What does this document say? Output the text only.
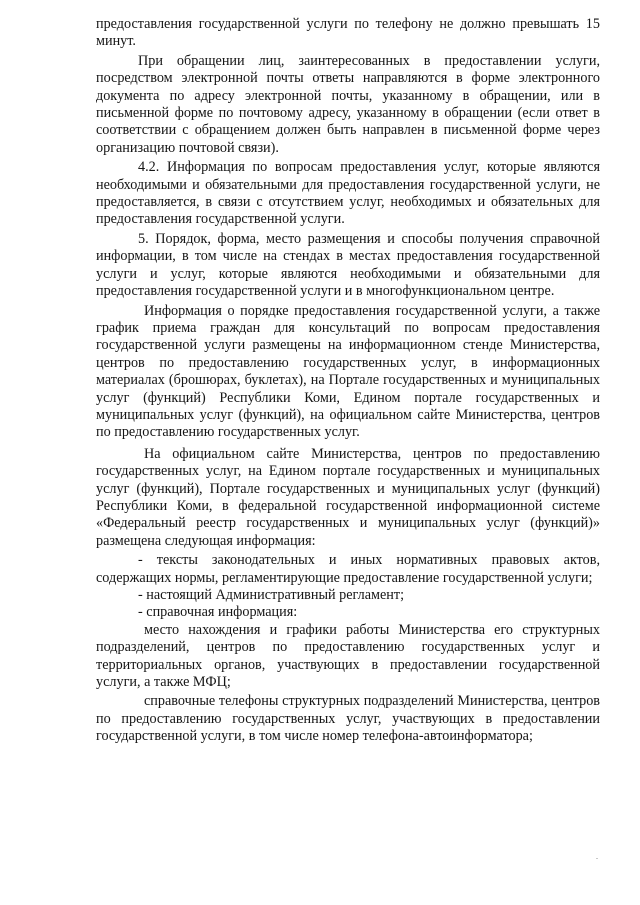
предоставления государственной услуги по телефону не должно превышать 15 минут.

При обращении лиц, заинтересованных в предоставлении услуги, посредством электронной почты ответы направляются в форме электронного документа по адресу электронной почты, указанному в обращении, или в письменной форме по почтовому адресу, указанному в обращении (если ответ в соответствии с обращением должен быть направлен в письменной форме через организацию почтовой связи).

4.2. Информация по вопросам предоставления услуг, которые являются необходимыми и обязательными для предоставления государственной услуги, не предоставляется, в связи с отсутствием услуг, необходимых и обязательных для предоставления государственной услуги.

5. Порядок, форма, место размещения и способы получения справочной информации, в том числе на стендах в местах предоставления государственной услуги и услуг, которые являются необходимыми и обязательными для предоставления государственной услуги и в многофункциональном центре.

Информация о порядке предоставления государственной услуги, а также график приема граждан для консультаций по вопросам предоставления государственной услуги размещены на информационном стенде Министерства, центров по предоставлению государственных услуг, в информационных материалах (брошюрах, буклетах), на Портале государственных и муниципальных услуг (функций) Республики Коми, Едином портале государственных и муниципальных услуг (функций), на официальном сайте Министерства, центров по предоставлению государственных услуг.

На официальном сайте Министерства, центров по предоставлению государственных услуг, на Едином портале государственных и муниципальных услуг (функций), Портале государственных и муниципальных услуг (функций) Республики Коми, в федеральной государственной информационной системе «Федеральный реестр государственных и муниципальных услуг (функций)» размещена следующая информация:

- тексты законодательных и иных нормативных правовых актов, содержащих нормы, регламентирующие предоставление государственной услуги;

- настоящий Административный регламент;

- справочная информация:

место нахождения и графики работы Министерства его структурных подразделений, центров по предоставлению государственных услуг и территориальных органов, участвующих в предоставлении государственной услуги, а также МФЦ;

справочные телефоны структурных подразделений Министерства, центров по предоставлению государственных услуг, участвующих в предоставлении государственной услуги, в том числе номер телефона-автоинформатора;
